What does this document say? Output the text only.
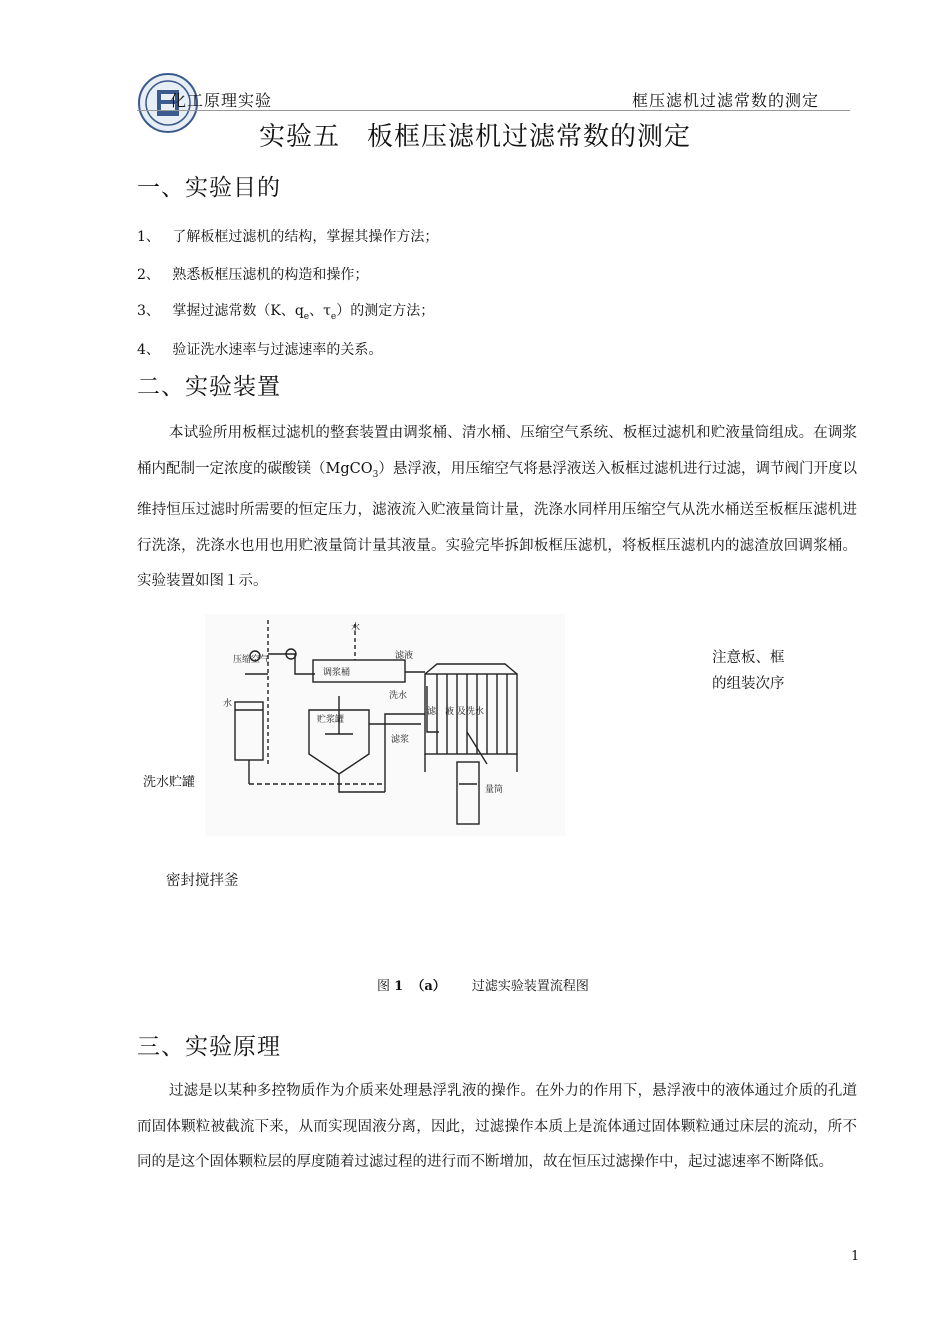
化工原理实验	框压滤机过滤常数的测定
实验五　板框压滤机过滤常数的测定
一、实验目的
1、 了解板框过滤机的结构，掌握其操作方法；
2、 熟悉板框压滤机的构造和操作；
3、 掌握过滤常数（K、$q_e$、$\tau_e$）的测定方法；
4、 验证洗水速率与过滤速率的关系。
二、实验装置

本试验所用板框过滤机的整套装置由调浆桶、清水桶、压缩空气系统、板框过滤机和贮液量筒组成。在调浆桶内配制一定浓度的碳酸镁（MgCO$_3$）悬浮液，用压缩空气将悬浮液送入板框过滤机进行过滤，调节阀门开度以维持恒压过滤时所需要的恒定压力，滤液流入贮液量筒计量，洗涤水同样用压缩空气从洗水桶送至板框压滤机进行洗涤，洗涤水也用也用贮液量筒计量其液量。实验完毕拆卸板框压滤机，将板框压滤机内的滤渣放回调浆桶。实验装置如图１示。

水
压缩空气
调浆桶
水
贮浆罐
滤液
洗水
滤　液 及洗水
滤浆
量筒
注意板、框
的组装次序
洗水贮罐
密封搅拌釜
图 1 （a） 过滤实验装置流程图
三、实验原理

过滤是以某种多控物质作为介质来处理悬浮乳液的操作。在外力的作用下，悬浮液中的液体通过介质的孔道而固体颗粒被截流下来，从而实现固液分离，因此，过滤操作本质上是流体通过固体颗粒通过床层的流动，所不同的是这个固体颗粒层的厚度随着过滤过程的进行而不断增加，故在恒压过滤操作中，起过滤速率不断降低。

1
